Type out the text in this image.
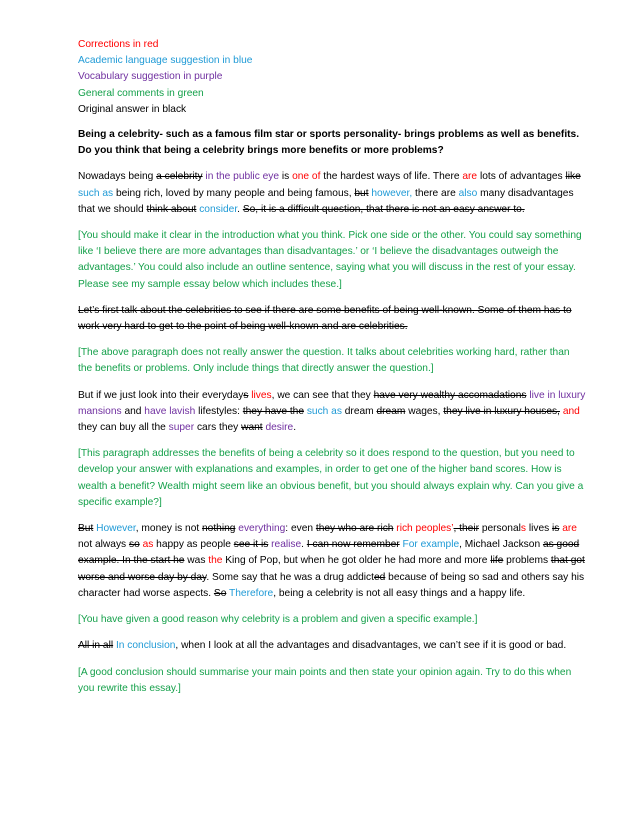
Corrections in red
Academic language suggestion in blue
Vocabulary suggestion in purple
General comments in green
Original answer in black
Being a celebrity- such as a famous film star or sports personality- brings problems as well as benefits.
Do you think that being a celebrity brings more benefits or more problems?

Nowadays being a celebrity in the public eye is one of the hardest ways of life. There are lots of advantages like such as being rich, loved by many people and being famous, but however, there are also many disadvantages that we should think about consider. So, it is a difficult question, that there is not an easy answer to.

[You should make it clear in the introduction what you think. Pick one side or the other. You could say something like ‘I believe there are more advantages than disadvantages.’ or ‘I believe the disadvantages outweigh the advantages.’ You could also include an outline sentence, saying what you will discuss in the rest of your essay. Please see my sample essay below which includes these.]

Let’s first talk about the celebrities to see if there are some benefits of being well-known. Some of them has to work very hard to get to the point of being well-known and are celebrities.

[The above paragraph does not really answer the question. It talks about celebrities working hard, rather than the benefits or problems. Only include things that directly answer the question.]

But if we just look into their everydays lives, we can see that they have very wealthy accomadations live in luxury mansions and have lavish lifestyles: they have the such as dream dream wages, they live in luxury houses, and they can buy all the super cars they want desire.

[This paragraph addresses the benefits of being a celebrity so it does respond to the question, but you need to develop your answer with explanations and examples, in order to get one of the higher band scores. How is wealth a benefit? Wealth might seem like an obvious benefit, but you should always explain why. Can you give a specific example?]

But However, money is not nothing everything: even they who are rich rich peoples’, their personals lives is are not always so as happy as people see it is realise. I can now remember For example, Michael Jackson as good example. In the start he was the King of Pop, but when he got older he had more and more life problems that got worse and worse day by day. Some say that he was a drug addicted because of being so sad and others say his character had worse aspects. So Therefore, being a celebrity is not all easy things and a happy life.

[You have given a good reason why celebrity is a problem and given a specific example.]

All in all In conclusion, when I look at all the advantages and disadvantages, we can’t see if it is good or bad.

[A good conclusion should summarise your main points and then state your opinion again. Try to do this when you rewrite this essay.]
